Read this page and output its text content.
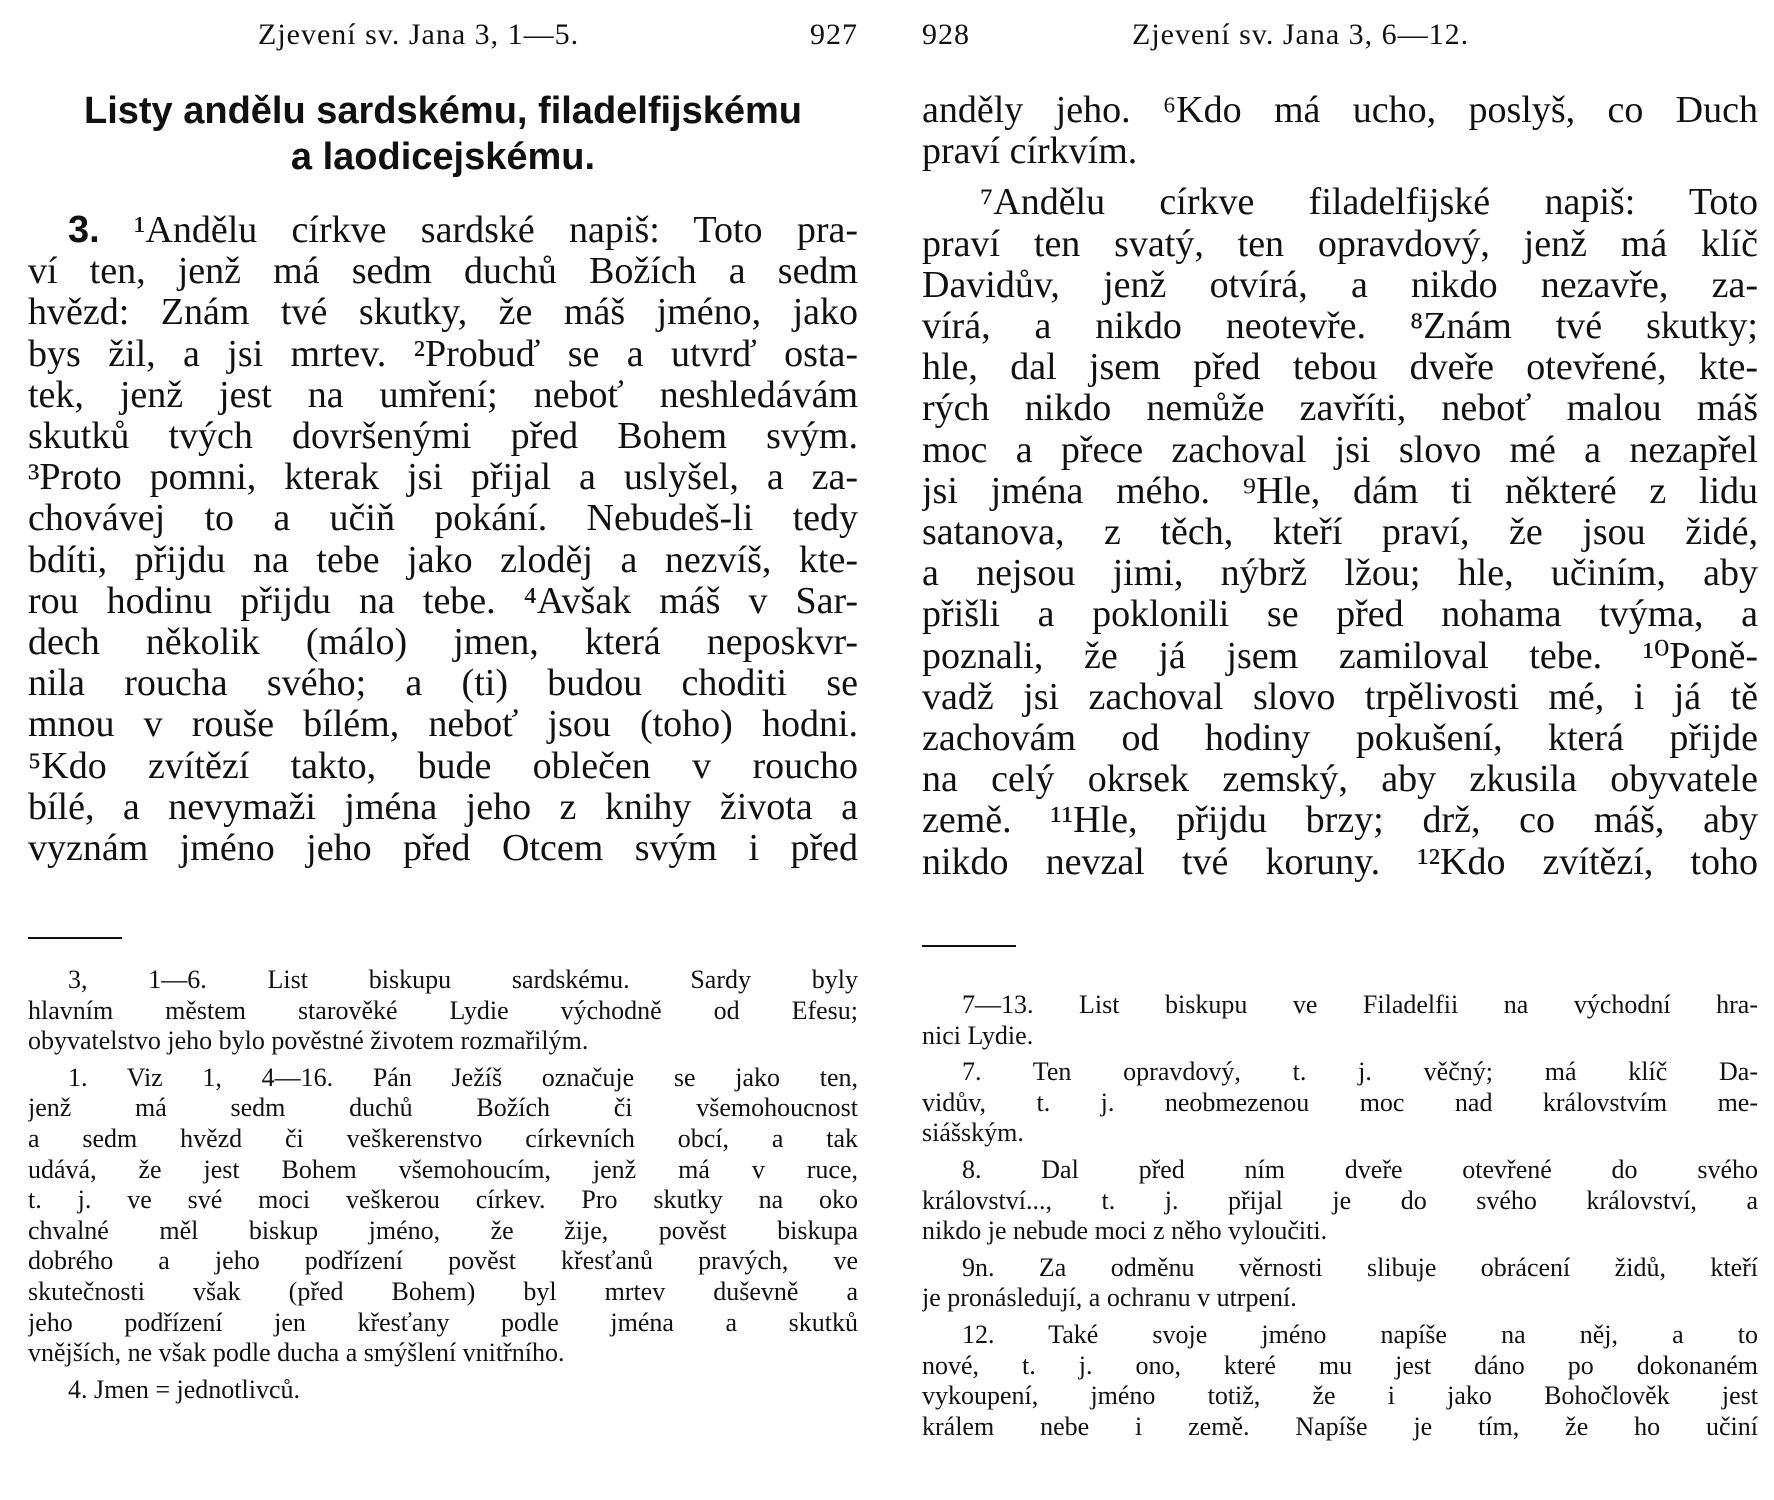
Zjevení sv. Jana 3, 1—5.	927
Listy andělu sardskému, filadelfijskému
a laodicejskému.

3. ¹Andělu církve sardské napiš: Toto pra-

ví ten, jenž má sedm duchů Božích a sedm

hvězd: Znám tvé skutky, že máš jméno, jako

bys žil, a jsi mrtev. ²Probuď se a utvrď osta-

tek, jenž jest na umření; neboť neshledávám

skutků tvých dovršenými před Bohem svým.

³Proto pomni, kterak jsi přijal a uslyšel, a za-

chovávej to a učiň pokání. Nebudeš-li tedy

bdíti, přijdu na tebe jako zloděj a nezvíš, kte-

rou hodinu přijdu na tebe. ⁴Avšak máš v Sar-

dech několik (málo) jmen, která neposkvr-

nila roucha svého; a (ti) budou choditi se

mnou v rouše bílém, neboť jsou (toho) hodni.

⁵Kdo zvítězí takto, bude oblečen v roucho

bílé, a nevymaži jména jeho z knihy života a

vyznám jméno jeho před Otcem svým i před

3, 1—6. List biskupu sardskému. Sardy byly

hlavním městem starověké Lydie východně od Efesu;

obyvatelstvo jeho bylo pověstné životem rozmařilým.

1. Viz 1, 4—16. Pán Ježíš označuje se jako ten,

jenž má sedm duchů Božích či všemohoucnost

a sedm hvězd či veškerenstvo církevních obcí, a tak

udává, že jest Bohem všemohoucím, jenž má v ruce,

t. j. ve své moci veškerou církev. Pro skutky na oko

chvalné měl biskup jméno, že žije, pověst biskupa

dobrého a jeho podřízení pověst křesťanů pravých, ve

skutečnosti však (před Bohem) byl mrtev duševně a

jeho podřízení jen křesťany podle jména a skutků

vnějších, ne však podle ducha a smýšlení vnitřního.

4. Jmen = jednotlivců.

928	Zjevení sv. Jana 3, 6—12.

anděly jeho. ⁶Kdo má ucho, poslyš, co Duch

praví církvím.

⁷Andělu církve filadelfijské napiš: Toto

praví ten svatý, ten opravdový, jenž má klíč

Davidův, jenž otvírá, a nikdo nezavře, za-

vírá, a nikdo neotevře. ⁸Znám tvé skutky;

hle, dal jsem před tebou dveře otevřené, kte-

rých nikdo nemůže zavříti, neboť malou máš

moc a přece zachoval jsi slovo mé a nezapřel

jsi jména mého. ⁹Hle, dám ti některé z lidu

satanova, z těch, kteří praví, že jsou židé,

a nejsou jimi, nýbrž lžou; hle, učiním, aby

přišli a poklonili se před nohama tvýma, a

poznali, že já jsem zamiloval tebe. ¹⁰Poně-

vadž jsi zachoval slovo trpělivosti mé, i já tě

zachovám od hodiny pokušení, která přijde

na celý okrsek zemský, aby zkusila obyvatele

země. ¹¹Hle, přijdu brzy; drž, co máš, aby

nikdo nevzal tvé koruny. ¹²Kdo zvítězí, toho

7—13. List biskupu ve Filadelfii na východní hra-

nici Lydie.

7. Ten opravdový, t. j. věčný; má klíč Da-

vidův, t. j. neobmezenou moc nad královstvím me-

siášským.

8. Dal před ním dveře otevřené do svého

království..., t. j. přijal je do svého království, a

nikdo je nebude moci z něho vyloučiti.

9n. Za odměnu věrnosti slibuje obrácení židů, kteří

je pronásledují, a ochranu v utrpení.

12. Také svoje jméno napíše na něj, a to

nové, t. j. ono, které mu jest dáno po dokonaném

vykoupení, jméno totiž, že i jako Bohočlověk jest

králem nebe i země. Napíše je tím, že ho učiní
